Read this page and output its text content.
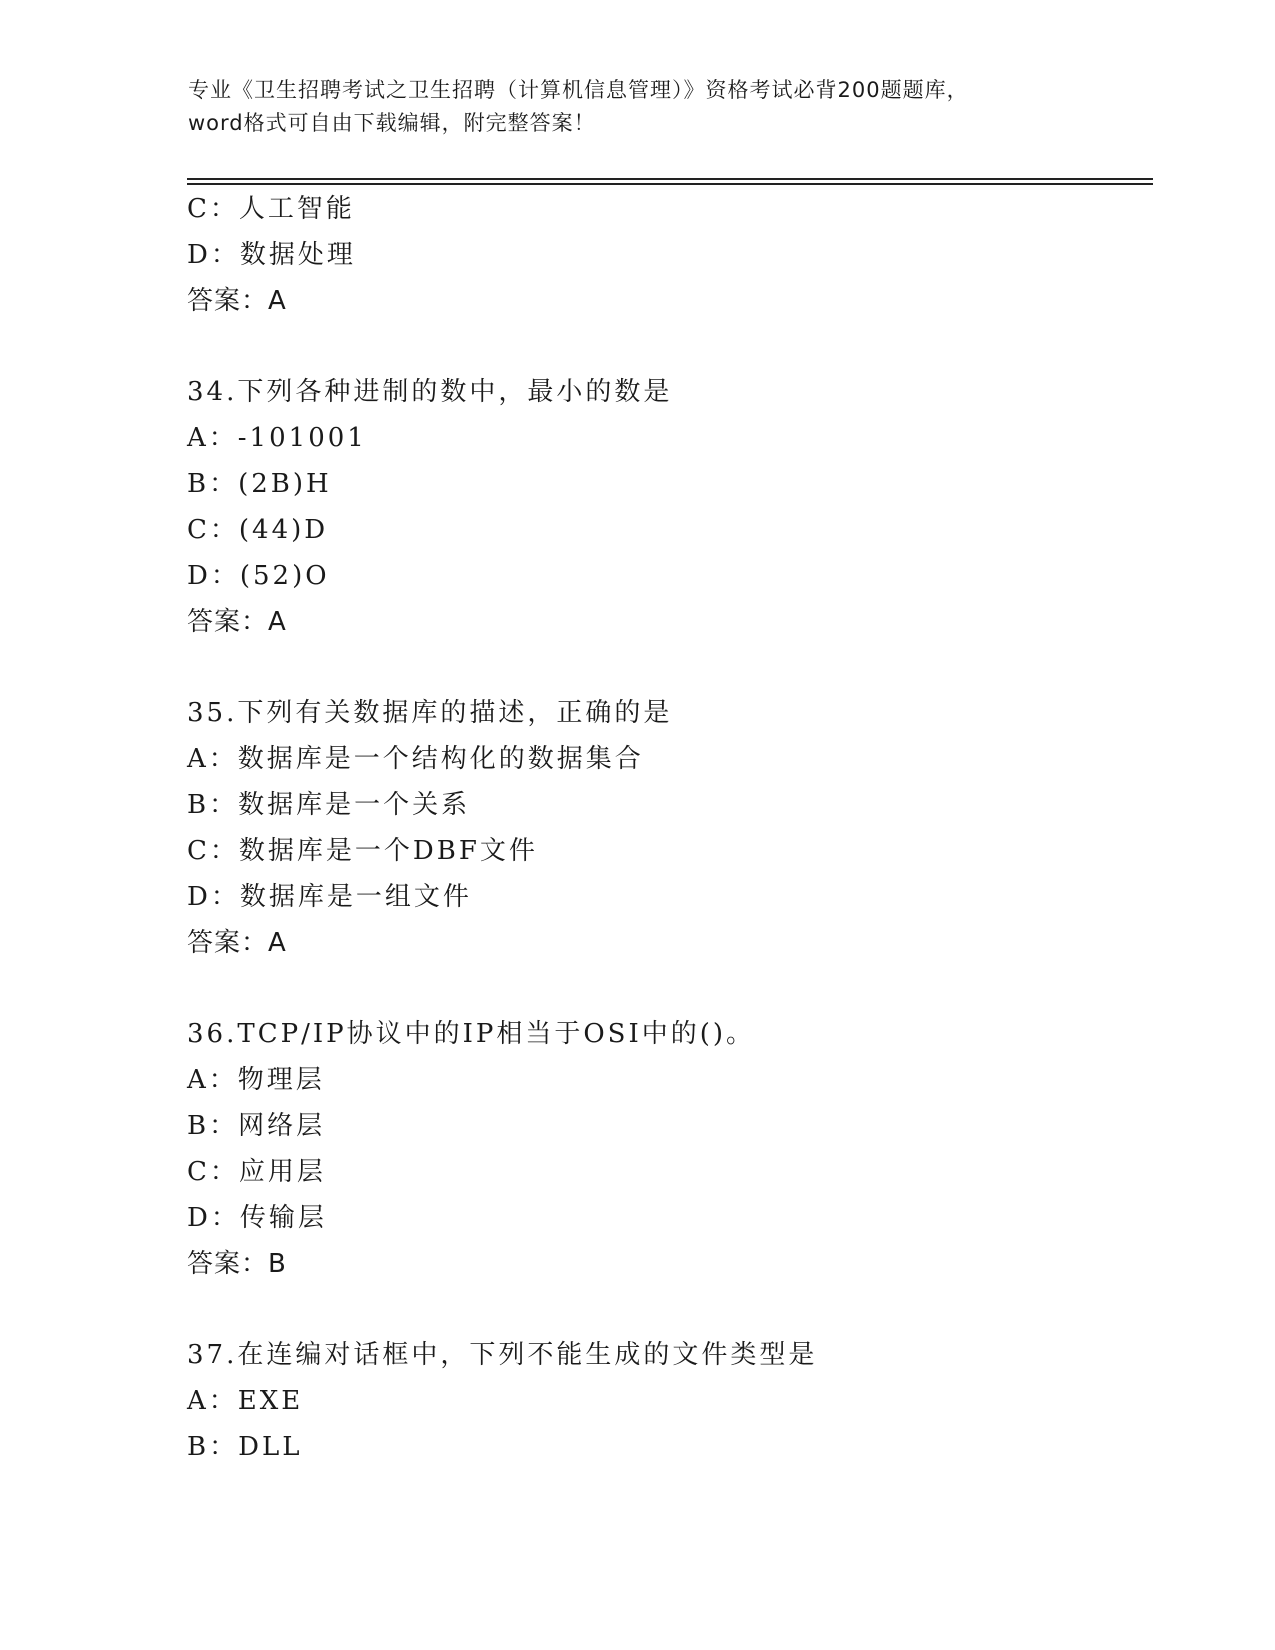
专业《卫生招聘考试之卫生招聘（计算机信息管理）》资格考试必背200题题库，
word格式可自由下载编辑，附完整答案！
C：人工智能
D：数据处理
答案：A
34.下列各种进制的数中，最小的数是
A：-101001
B：(2B)H
C：(44)D
D：(52)O
答案：A
35.下列有关数据库的描述，正确的是
A：数据库是一个结构化的数据集合
B：数据库是一个关系
C：数据库是一个DBF文件
D：数据库是一组文件
答案：A
36.TCP/IP协议中的IP相当于OSI中的()。
A：物理层
B：网络层
C：应用层
D：传输层
答案：B
37.在连编对话框中，下列不能生成的文件类型是
A：EXE
B：DLL
